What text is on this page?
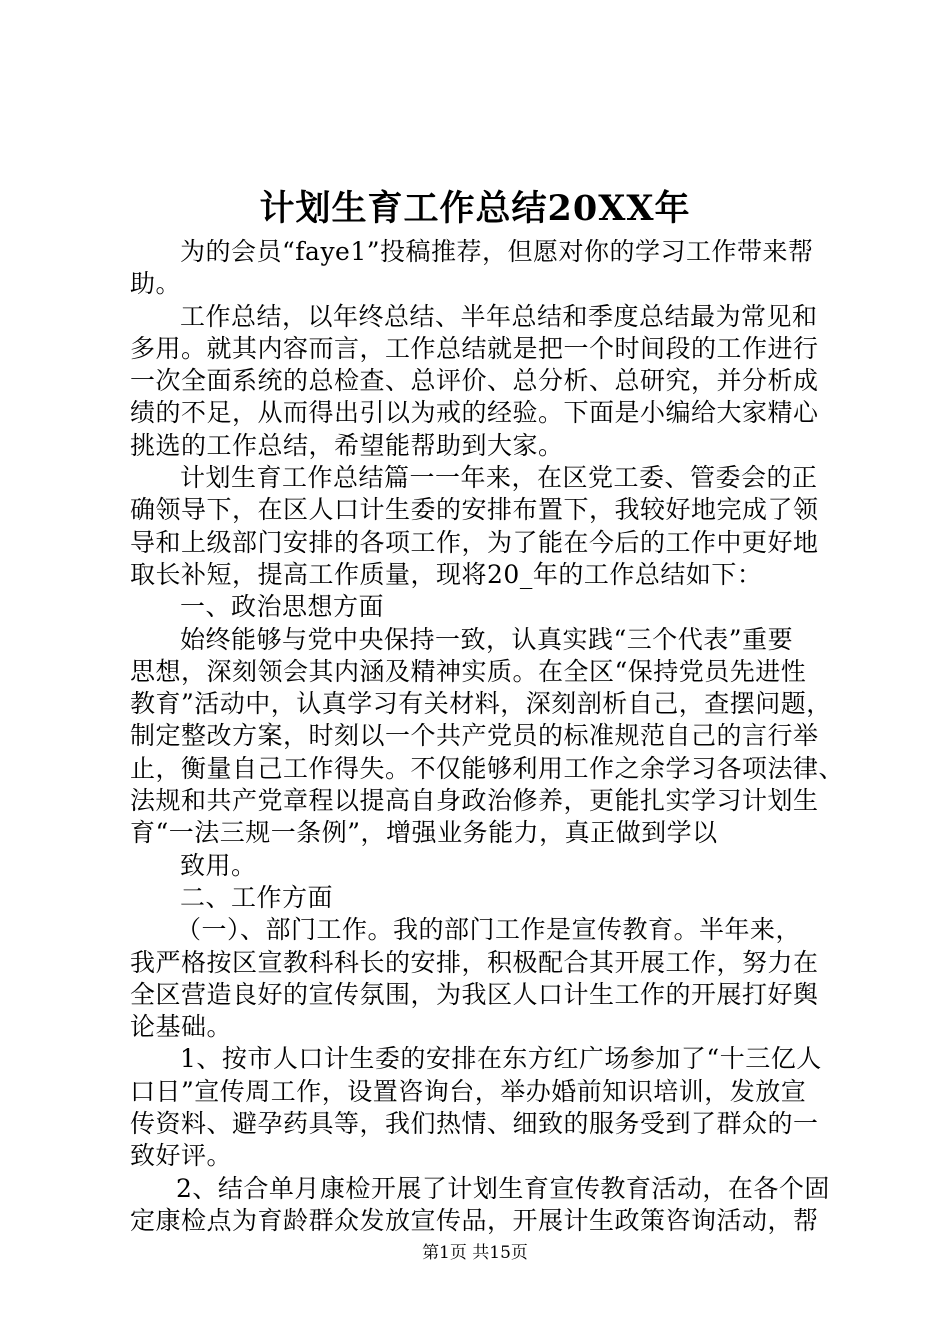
计划生育工作总结20XX年
为的会员“faye1”投稿推荐，但愿对你的学习工作带来帮
助。
工作总结，以年终总结、半年总结和季度总结最为常见和
多用。就其内容而言，工作总结就是把一个时间段的工作进行
一次全面系统的总检查、总评价、总分析、总研究，并分析成
绩的不足，从而得出引以为戒的经验。下面是小编给大家精心
挑选的工作总结，希望能帮助到大家。
计划生育工作总结篇一一年来，在区党工委、管委会的正
确领导下，在区人口计生委的安排布置下，我较好地完成了领
导和上级部门安排的各项工作，为了能在今后的工作中更好地
取长补短，提高工作质量，现将20_年的工作总结如下：
一、政治思想方面
始终能够与党中央保持一致，认真实践“三个代表”重要
思想，深刻领会其内涵及精神实质。在全区“保持党员先进性
教育”活动中，认真学习有关材料，深刻剖析自己，查摆问题，
制定整改方案，时刻以一个共产党员的标准规范自己的言行举
止，衡量自己工作得失。不仅能够利用工作之余学习各项法律、
法规和共产党章程以提高自身政治修养，更能扎实学习计划生
育“一法三规一条例”，增强业务能力，真正做到学以
致用。
二、工作方面
（一）、部门工作。我的部门工作是宣传教育。半年来，
我严格按区宣教科科长的安排，积极配合其开展工作，努力在
全区营造良好的宣传氛围，为我区人口计生工作的开展打好舆
论基础。
1、按市人口计生委的安排在东方红广场参加了“十三亿人
口日”宣传周工作，设置咨询台，举办婚前知识培训，发放宣
传资料、避孕药具等，我们热情、细致的服务受到了群众的一
致好评。
2、结合单月康检开展了计划生育宣传教育活动，在各个固
定康检点为育龄群众发放宣传品，开展计生政策咨询活动，帮
第1页 共15页
